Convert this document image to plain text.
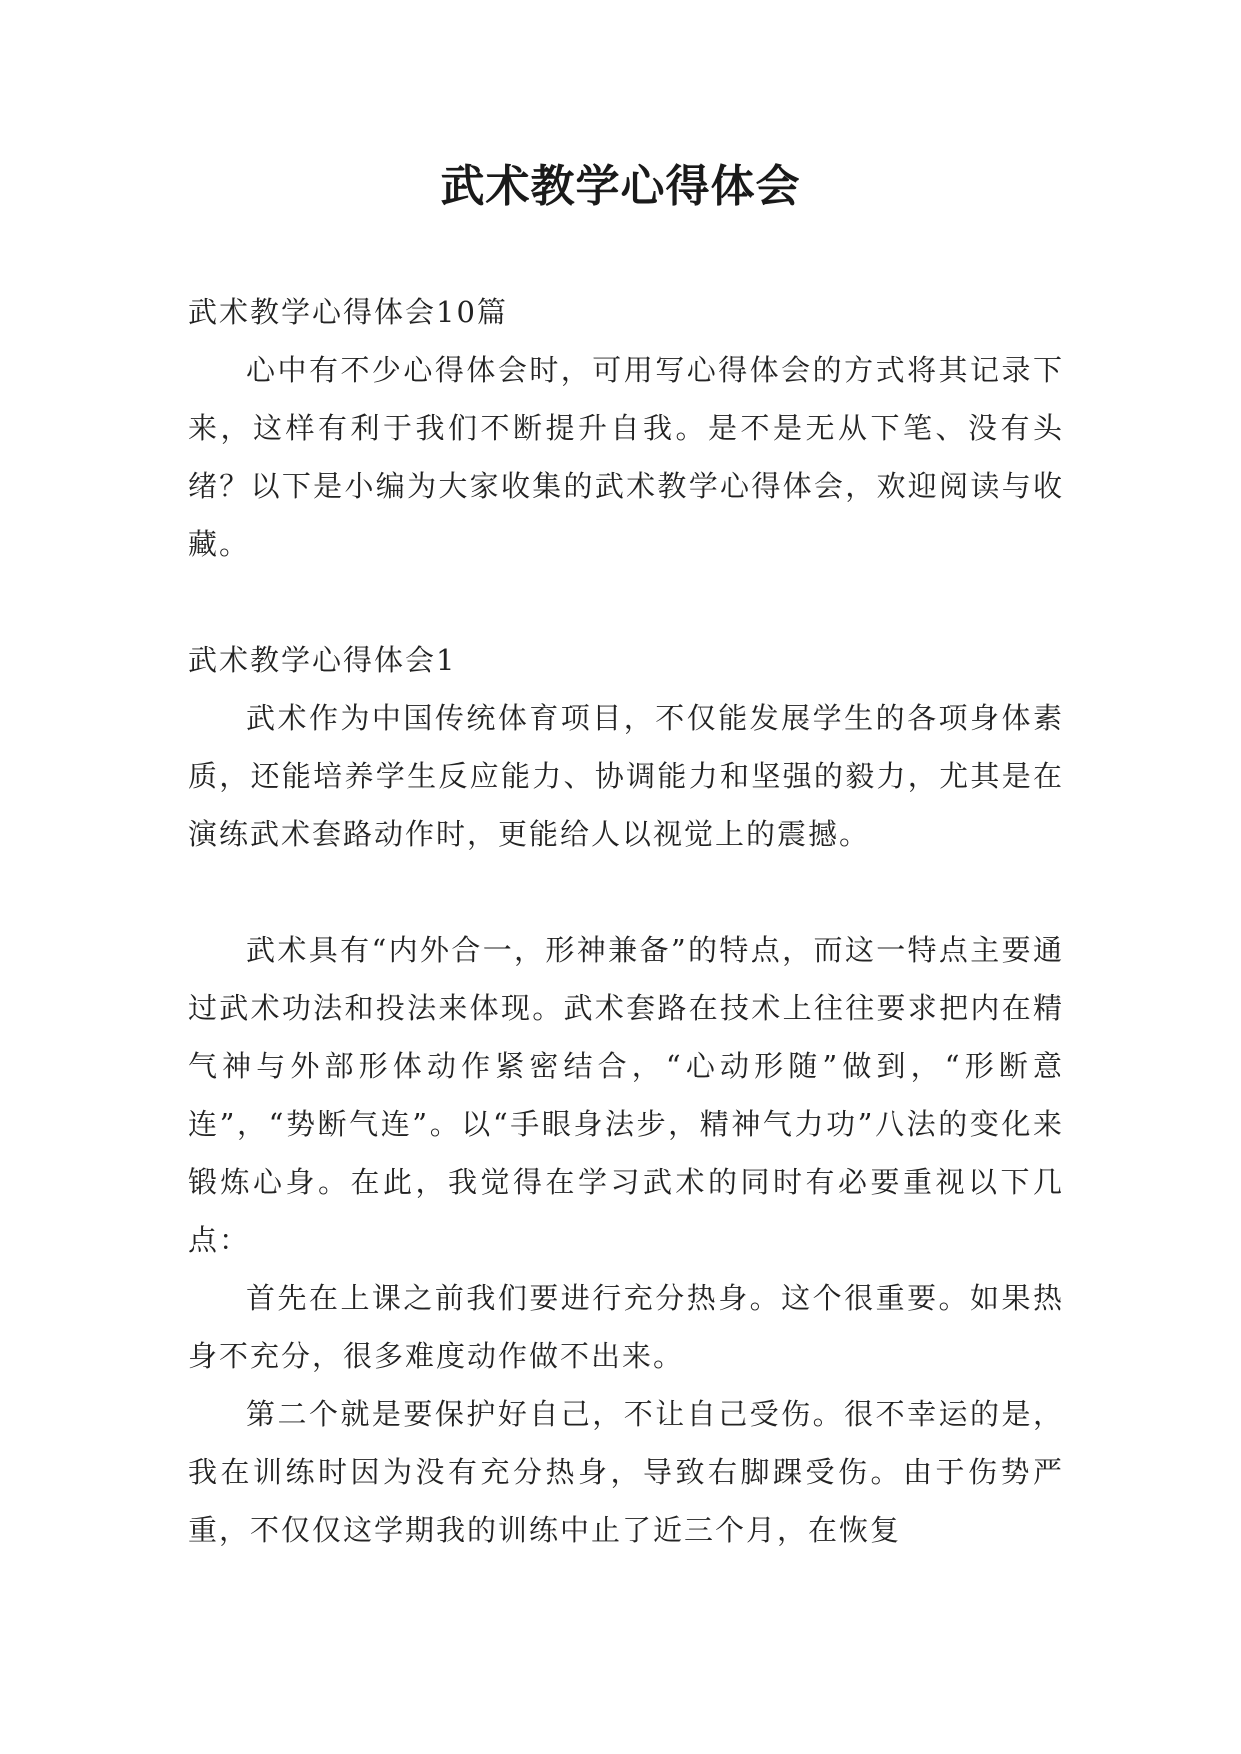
武术教学心得体会

武术教学心得体会10篇

心中有不少心得体会时，可用写心得体会的方式将其记录下来，这样有利于我们不断提升自我。是不是无从下笔、没有头绪？以下是小编为大家收集的武术教学心得体会，欢迎阅读与收藏。

武术教学心得体会1

武术作为中国传统体育项目，不仅能发展学生的各项身体素质，还能培养学生反应能力、协调能力和坚强的毅力，尤其是在演练武术套路动作时，更能给人以视觉上的震撼。

武术具有“内外合一，形神兼备”的特点，而这一特点主要通过武术功法和投法来体现。武术套路在技术上往往要求把内在精气神与外部形体动作紧密结合，“心动形随”做到，“形断意连”，“势断气连”。以“手眼身法步，精神气力功”八法的变化来锻炼心身。在此，我觉得在学习武术的同时有必要重视以下几点：

首先在上课之前我们要进行充分热身。这个很重要。如果热身不充分，很多难度动作做不出来。

第二个就是要保护好自己，不让自己受伤。很不幸运的是，我在训练时因为没有充分热身，导致右脚踝受伤。由于伤势严重，不仅仅这学期我的训练中止了近三个月，在恢复
